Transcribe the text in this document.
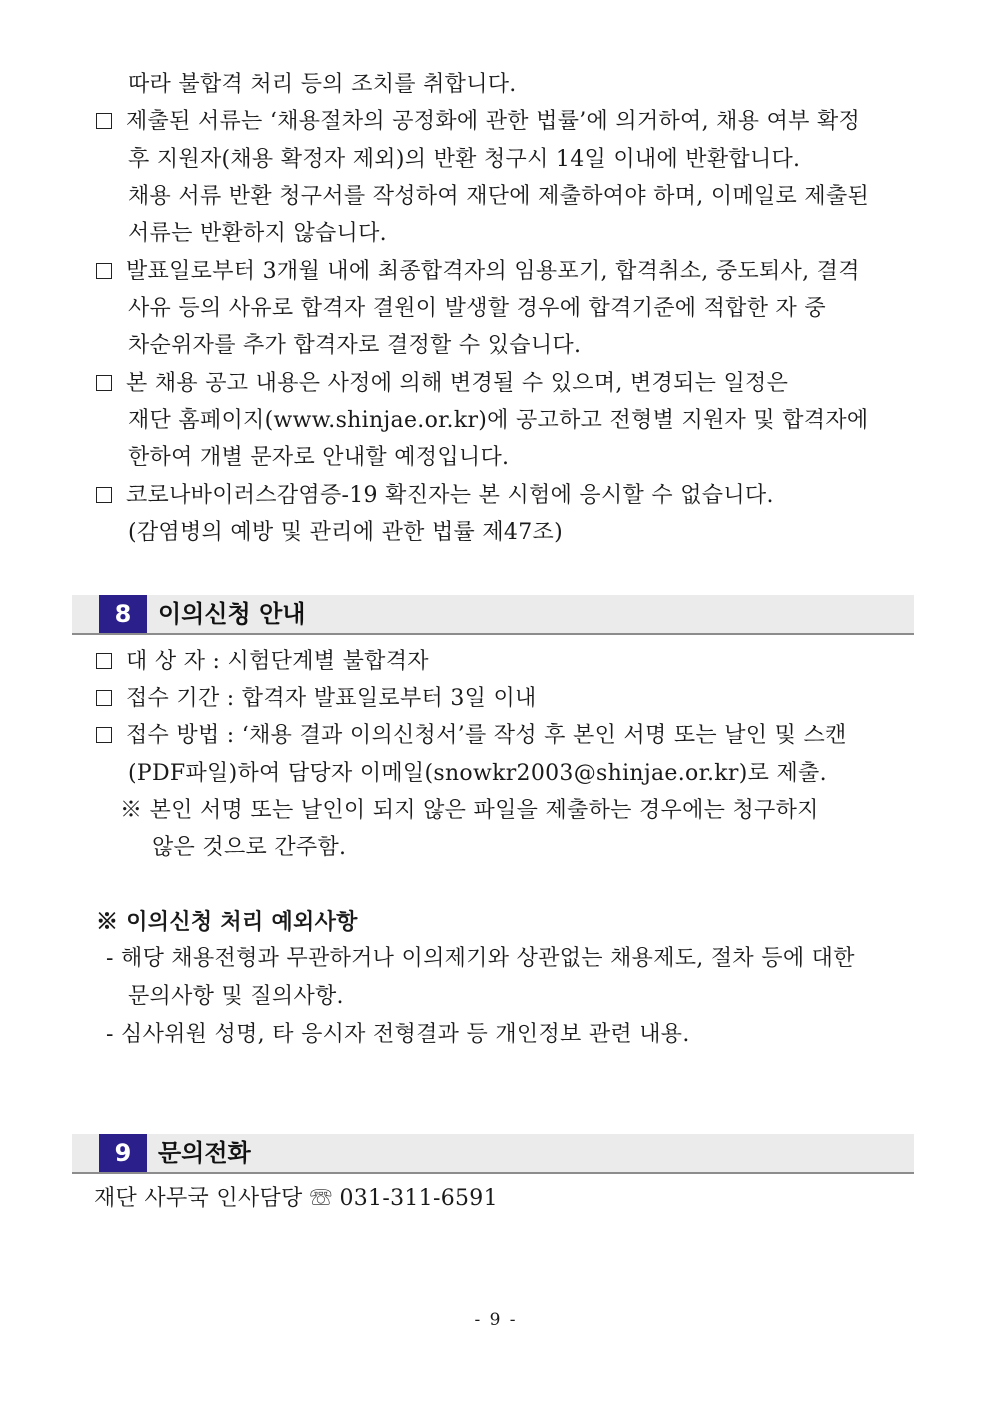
따라 불합격 처리 등의 조치를 취합니다.
제출된 서류는 ‘채용절차의 공정화에 관한 법률’에 의거하여, 채용 여부 확정
후 지원자(채용 확정자 제외)의 반환 청구시 14일 이내에 반환합니다.
채용 서류 반환 청구서를 작성하여 재단에 제출하여야 하며, 이메일로 제출된
서류는 반환하지 않습니다.
발표일로부터 3개월 내에 최종합격자의 임용포기, 합격취소, 중도퇴사, 결격
사유 등의 사유로 합격자 결원이 발생할 경우에 합격기준에 적합한 자 중
차순위자를 추가 합격자로 결정할 수 있습니다.
본 채용 공고 내용은 사정에 의해 변경될 수 있으며, 변경되는 일정은
재단 홈페이지(www.shinjae.or.kr)에 공고하고 전형별 지원자 및 합격자에
한하여 개별 문자로 안내할 예정입니다.
코로나바이러스감염증-19 확진자는 본 시험에 응시할 수 없습니다.
(감염병의 예방 및 관리에 관한 법률 제47조)
8	이의신청 안내
대 상 자 : 시험단계별 불합격자
접수 기간 : 합격자 발표일로부터 3일 이내
접수 방법 : ‘채용 결과 이의신청서’를 작성 후 본인 서명 또는 날인 및 스캔
(PDF파일)하여 담당자 이메일(snowkr2003@shinjae.or.kr)로 제출.
※ 본인 서명 또는 날인이 되지 않은 파일을 제출하는 경우에는 청구하지
않은 것으로 간주함.
※ 이의신청 처리 예외사항
- 해당 채용전형과 무관하거나 이의제기와 상관없는 채용제도, 절차 등에 대한
문의사항 및 질의사항.
- 심사위원 성명, 타 응시자 전형결과 등 개인정보 관련 내용.
9	문의전화
재단 사무국 인사담당 ☏ 031-311-6591
- 9 -
